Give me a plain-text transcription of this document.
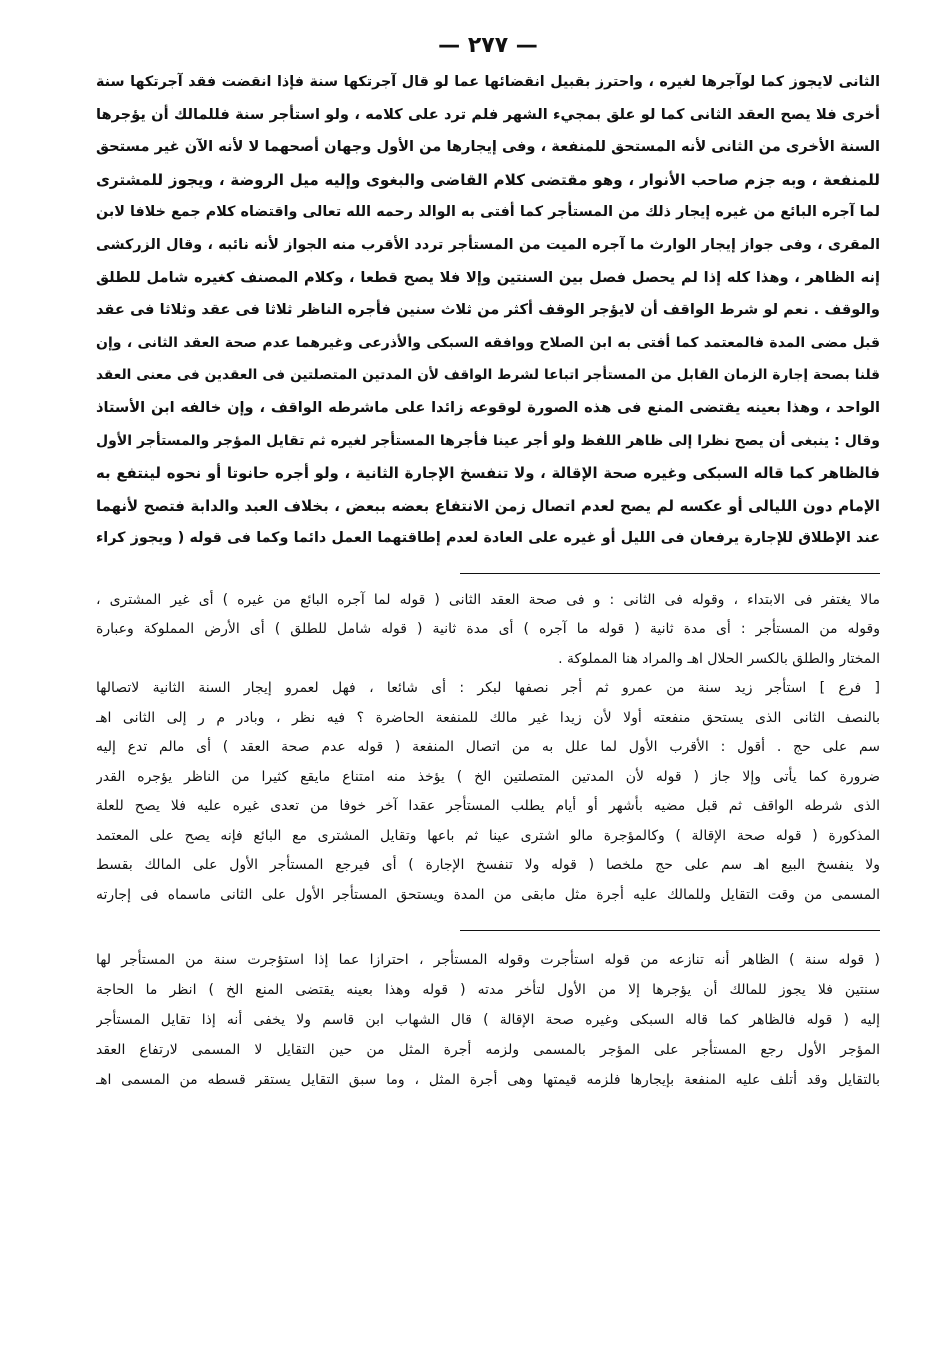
— ٢٧٧ —
الثانى لايجوز كما لوآجرها لغيره ، واحترز بقبيل انقضائها عما لو قال آجرتكها سنة فإذا انقضت فقد آجرتكها سنة
أخرى فلا يصح العقد الثانى كما لو علق بمجيء الشهر فلم ترد على كلامه ، ولو استأجر سنة فللمالك أن يؤجرها
السنة الأخرى من الثانى لأنه المستحق للمنفعة ، وفى إيجارها من الأول وجهان أصحهما لا لأنه الآن غير مستحق
للمنفعة ، وبه جزم صاحب الأنوار ، وهو مقتضى كلام القاضى والبغوى وإليه ميل الروضة ، ويجوز للمشترى
لما آجره البائع من غيره إيجار ذلك من المستأجر كما أفتى به الوالد رحمه الله تعالى واقتضاه كلام جمع خلافا لابن
المقرى ، وفى جواز إيجار الوارث ما آجره الميت من المستأجر تردد الأقرب منه الجواز لأنه نائبه ، وقال الزركشى
إنه الظاهر ، وهذا كله إذا لم يحصل فصل بين السنتين وإلا فلا يصح قطعا ، وكلام المصنف كغيره شامل للطلق
والوقف . نعم لو شرط الواقف أن لايؤجر الوقف أكثر من ثلاث سنين فأجره الناظر ثلاثا فى عقد وثلاثا فى عقد
قبل مضى المدة فالمعتمد كما أفتى به ابن الصلاح ووافقه السبكى والأذرعى وغيرهما عدم صحة العقد الثانى ، وإن
قلنا بصحة إجارة الزمان القابل من المستأجر اتباعا لشرط الواقف لأن المدتين المتصلتين فى العقدين فى معنى العقد
الواحد ، وهذا بعينه يقتضى المنع فى هذه الصورة لوقوعه زائدا على ماشرطه الواقف ، وإن خالفه ابن الأستاذ
وقال : ينبغى أن يصح نظرا إلى ظاهر اللفظ ولو أجر عينا فأجرها المستأجر لغيره ثم تقايل المؤجر والمستأجر الأول
فالظاهر كما قاله السبكى وغيره صحة الإقالة ، ولا تنفسخ الإجارة الثانية ، ولو أجره حانوتا أو نحوه لينتفع به
الإمام دون الليالى أو عكسه لم يصح لعدم اتصال زمن الانتفاع بعضه ببعض ، بخلاف العبد والدابة فتصح لأنهما
عند الإطلاق للإجارة يرفعان فى الليل أو غيره على العادة لعدم إطاقتهما العمل دائما وكما فى قوله ( ويجوز كراء
مالا يغتفر فى الابتداء ، وقوله فى الثانى : و فى صحة العقد الثانى ( قوله لما آجره البائع من غيره ) أى غير المشترى ،
وقوله من المستأجر : أى مدة ثانية ( قوله ما آجره ) أى مدة ثانية ( قوله شامل للطلق ) أى الأرض المملوكة وعبارة
المختار والطلق بالكسر الحلال اهـ والمراد هنا المملوكة .
[ فرع ] استأجر زيد سنة من عمرو ثم أجر نصفها لبكر : أى شائعا ، فهل لعمرو إيجار السنة الثانية لاتصالها
بالنصف الثانى الذى يستحق منفعته أولا لأن زيدا غير مالك للمنفعة الحاضرة ؟ فيه نظر ، وبادر م ر إلى الثانى اهـ
سم على حج . أقول : الأقرب الأول لما علل به من اتصال المنفعة ( قوله عدم صحة العقد ) أى مالم تدع إليه
ضرورة كما يأتى وإلا جاز ( قوله لأن المدتين المتصلتين الخ ) يؤخذ منه امتناع مايقع كثيرا من الناظر يؤجره القدر
الذى شرطه الواقف ثم قبل مضيه بأشهر أو أيام يطلب المستأجر عقدا آخر خوفا من تعدى غيره عليه فلا يصح للعلة
المذكورة ( قوله صحة الإقالة ) وكالمؤجرة مالو اشترى عينا ثم باعها وتقايل المشترى مع البائع فإنه يصح على المعتمد
ولا ينفسخ البيع اهـ سم على حج ملخصا ( قوله ولا تنفسخ الإجارة ) أى فيرجع المستأجر الأول على المالك بقسط
المسمى من وقت التقايل وللمالك عليه أجرة مثل مابقى من المدة ويستحق المستأجر الأول على الثانى ماسماه فى إجارته
( قوله سنة ) الظاهر أنه تنازعه من قوله استأجرت وقوله المستأجر ، احترازا عما إذا استؤجرت سنة من المستأجر لها
سنتين فلا يجوز للمالك أن يؤجرها إلا من الأول لتأخر مدته ( قوله وهذا بعينه يقتضى المنع الخ ) انظر ما الحاجة
إليه ( قوله فالظاهر كما قاله السبكى وغيره صحة الإقالة ) قال الشهاب ابن قاسم ولا يخفى أنه إذا تقايل المستأجر
المؤجر الأول رجع المستأجر على المؤجر بالمسمى ولزمه أجرة المثل من حين التقايل لا المسمى لارتفاع العقد
بالتقايل وقد أتلف عليه المنفعة بإيجارها فلزمه قيمتها وهى أجرة المثل ، وما سبق التقايل يستقر قسطه من المسمى اهـ
